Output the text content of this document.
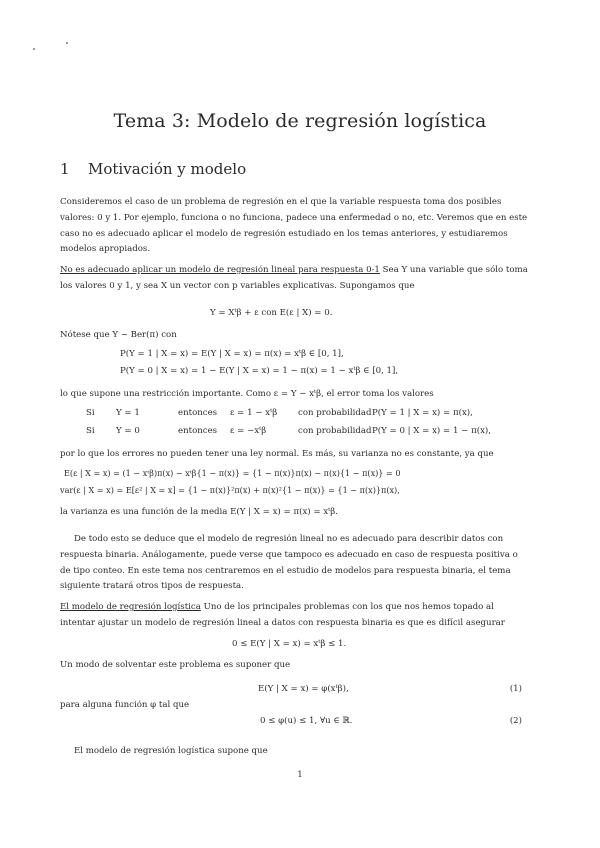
Tema 3: Modelo de regresión logística
1 Motivación y modelo

Consideremos el caso de un problema de regresión en el que la variable respuesta toma dos posibles valores: 0 y 1. Por ejemplo, funciona o no funciona, padece una enfermedad o no, etc. Veremos que en este caso no es adecuado aplicar el modelo de regresión estudiado en los temas anteriores, y estudiaremos modelos apropiados.

No es adecuado aplicar un modelo de regresión lineal para respuesta 0-1 Sea Y una variable que sólo toma los valores 0 y 1, y sea X un vector con p variables explicativas. Supongamos que

Y = Xᵗβ + ε con E(ε | X) = 0.

Nótese que Y ~ Ber(π) con

P(Y = 1 | X = x) = E(Y | X = x) = π(x) = xᵗβ ∈ [0, 1],
P(Y = 0 | X = x) = 1 − E(Y | X = x) = 1 − π(x) = 1 − xᵗβ ∈ [0, 1],

lo que supone una restricción importante. Como ε = Y − xᵗβ, el error toma los valores

Si Y = 1	entonces ε = 1 − xᵗβ con probabilidad P(Y = 1 | X = x) = π(x),
Si Y = 0	entonces ε = −xᵗβ	con probabilidad P(Y = 0 | X = x) = 1 − π(x),

por lo que los errores no pueden tener una ley normal. Es más, su varianza no es constante, ya que

E(ε | X = x) = (1 − xᵗβ)π(x) − xᵗβ{1 − π(x)} = {1 − π(x)}π(x) − π(x){1 − π(x)} = 0
var(ε | X = x) = E[ε² | X = x] = {1 − π(x)}²π(x) + π(x)²{1 − π(x)} = {1 − π(x)}π(x),

la varianza es una función de la media E(Y | X = x) = π(x) = xᵗβ.

De todo esto se deduce que el modelo de regresión lineal no es adecuado para describir datos con respuesta binaria. Análogamente, puede verse que tampoco es adecuado en caso de respuesta positiva o de tipo conteo. En este tema nos centraremos en el estudio de modelos para respuesta binaria, el tema siguiente tratará otros tipos de respuesta.

El modelo de regresión logística Uno de los principales problemas con los que nos hemos topado al intentar ajustar un modelo de regresión lineal a datos con respuesta binaria es que es difícil asegurar

0 ≤ E(Y | X = x) = xᵗβ ≤ 1.

Un modo de solventar este problema es suponer que

E(Y | X = x) = φ(xᵗβ),	(1)

para alguna función φ tal que

0 ≤ φ(u) ≤ 1, ∀u ∈ ℝ.	(2)

El modelo de regresión logística supone que

1
